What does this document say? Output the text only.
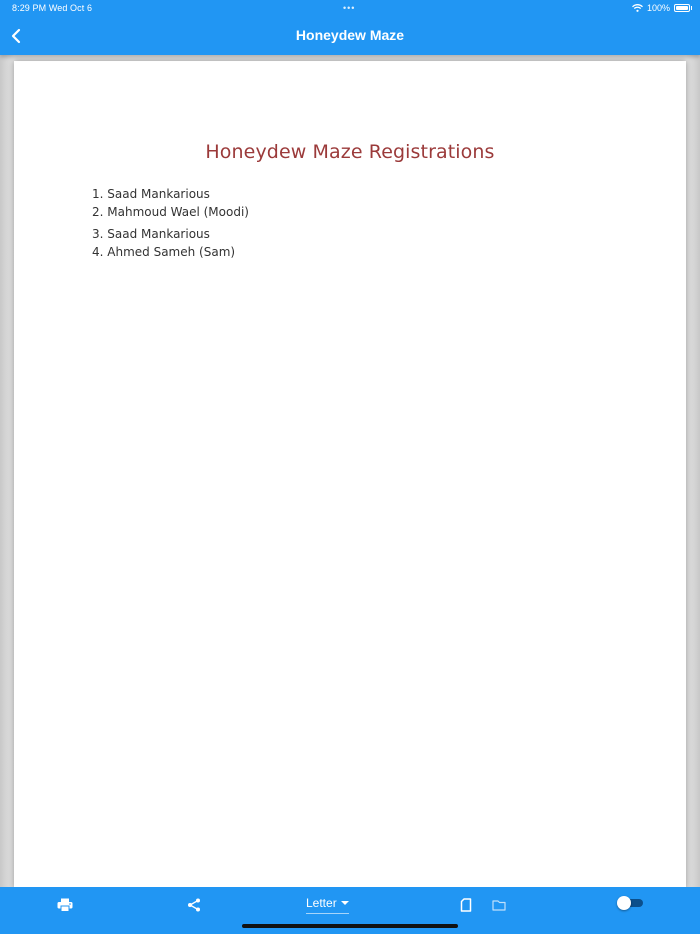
8:29 PM Wed Oct 6	•••	100%
Honeydew Maze
Honeydew Maze Registrations
1. Saad Mankarious
2. Mahmoud Wael (Moodi)
3. Saad Mankarious
4. Ahmed Sameh (Sam)
Letter
